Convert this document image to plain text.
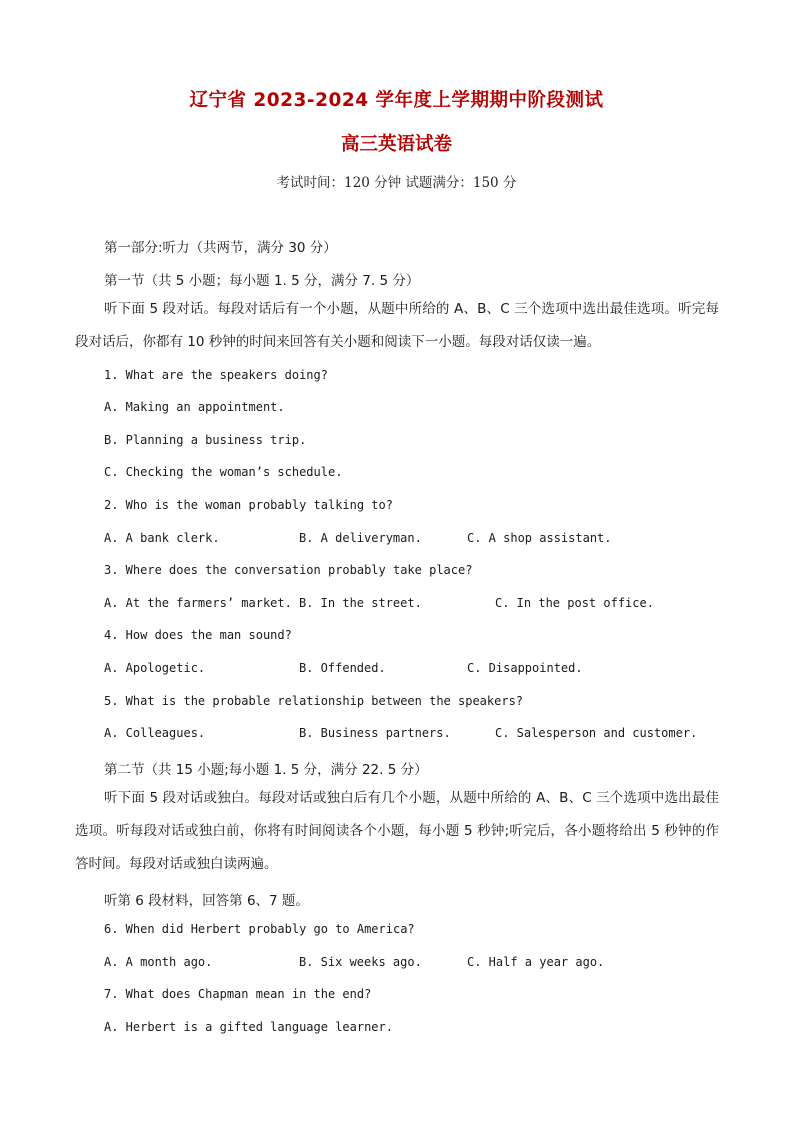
辽宁省 2023-2024 学年度上学期期中阶段测试
高三英语试卷
考试时间：120 分钟 试题满分：150 分
第一部分:听力（共两节，满分 30 分）
第一节（共 5 小题；每小题 1. 5 分，满分 7. 5 分）
听下面 5 段对话。每段对话后有一个小题，从题中所给的 A、B、C 三个选项中选出最佳选项。听完每段对话后，你都有 10 秒钟的时间来回答有关小题和阅读下一小题。每段对话仅读一遍。
1. What are the speakers doing?
A. Making an appointment.
B. Planning a business trip.
C. Checking the woman’s schedule.
2. Who is the woman probably talking to?
A. A bank clerk.	B. A deliveryman.	C. A shop assistant.
3. Where does the conversation probably take place?
A. At the farmers’ market. B. In the street.	C. In the post office.
4. How does the man sound?
A. Apologetic.	B. Offended.	C. Disappointed.
5. What is the probable relationship between the speakers?
A. Colleagues.	B. Business partners.	C. Salesperson and customer.
第二节（共 15 小题;每小题 1. 5 分，满分 22. 5 分）
听下面 5 段对话或独白。每段对话或独白后有几个小题，从题中所给的 A、B、C 三个选项中选出最佳选项。听每段对话或独白前，你将有时间阅读各个小题，每小题 5 秒钟;听完后，各小题将给出 5 秒钟的作答时间。每段对话或独白读两遍。
听第 6 段材料，回答第 6、7 题。
6. When did Herbert probably go to America?
A. A month ago.	B. Six weeks ago.	C. Half a year ago.
7. What does Chapman mean in the end?
A. Herbert is a gifted language learner.
